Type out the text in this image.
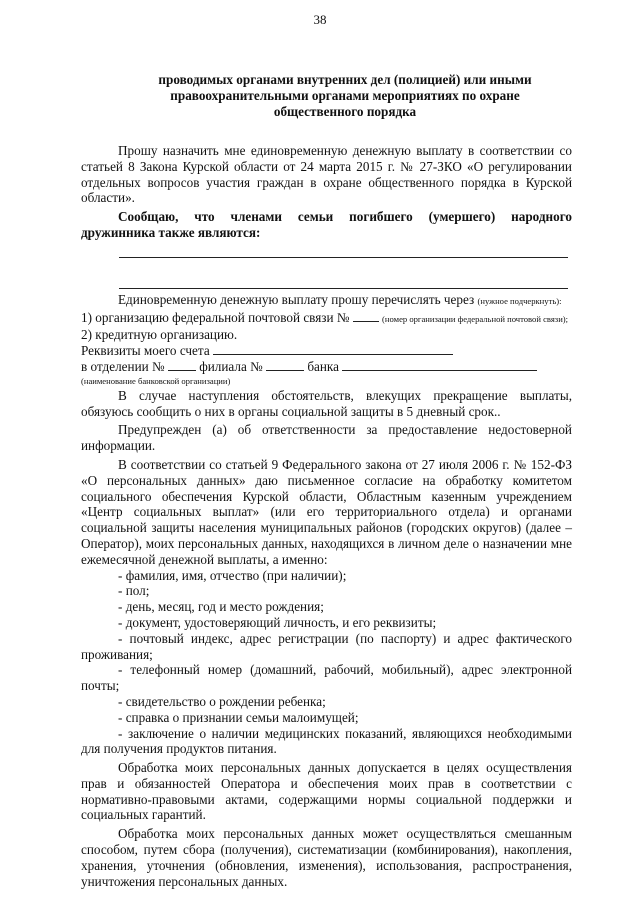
38
проводимых органами внутренних дел (полицией) или иными правоохранительными органами мероприятиях по охране общественного порядка

Прошу назначить мне единовременную денежную выплату в соответствии со статьей 8 Закона Курской области от 24 марта 2015 г. № 27-ЗКО «О регулировании отдельных вопросов участия граждан в охране общественного порядка в Курской области».

Сообщаю, что членами семьи погибшего (умершего) народного дружинника также являются:

Единовременную денежную выплату прошу перечислять через (нужное подчеркнуть):

1) организацию федеральной почтовой связи №	(номер организации федеральной почтовой связи);

2) кредитную организацию.

Реквизиты моего счета

в отделении №	филиала №	банка

(наименование банковской организации)

В случае наступления обстоятельств, влекущих прекращение выплаты, обязуюсь сообщить о них в органы социальной защиты в 5 дневный срок..

Предупрежден (а) об ответственности за предоставление недостоверной информации.

В соответствии со статьей 9 Федерального закона от 27 июля 2006 г. № 152-ФЗ «О персональных данных» даю письменное согласие на обработку комитетом социального обеспечения Курской области, Областным казенным учреждением «Центр социальных выплат» (или его территориального отдела) и органами социальной защиты населения муниципальных районов (городских округов) (далее – Оператор), моих персональных данных, находящихся в личном деле о назначении мне ежемесячной денежной выплаты, а именно:

- фамилия, имя, отчество (при наличии);

- пол;

- день, месяц, год и место рождения;

- документ, удостоверяющий личность, и его реквизиты;

- почтовый индекс, адрес регистрации (по паспорту) и адрес фактического проживания;

- телефонный номер (домашний, рабочий, мобильный), адрес электронной почты;

- свидетельство о рождении ребенка;

- справка о признании семьи малоимущей;

- заключение о наличии медицинских показаний, являющихся необходимыми для получения продуктов питания.

Обработка моих персональных данных допускается в целях осуществления прав и обязанностей Оператора и обеспечения моих прав в соответствии с нормативно-правовыми актами, содержащими нормы социальной поддержки и социальных гарантий.

Обработка моих персональных данных может осуществляться смешанным способом, путем сбора (получения), систематизации (комбинирования), накопления, хранения, уточнения (обновления, изменения), использования, распространения, уничтожения персональных данных.
